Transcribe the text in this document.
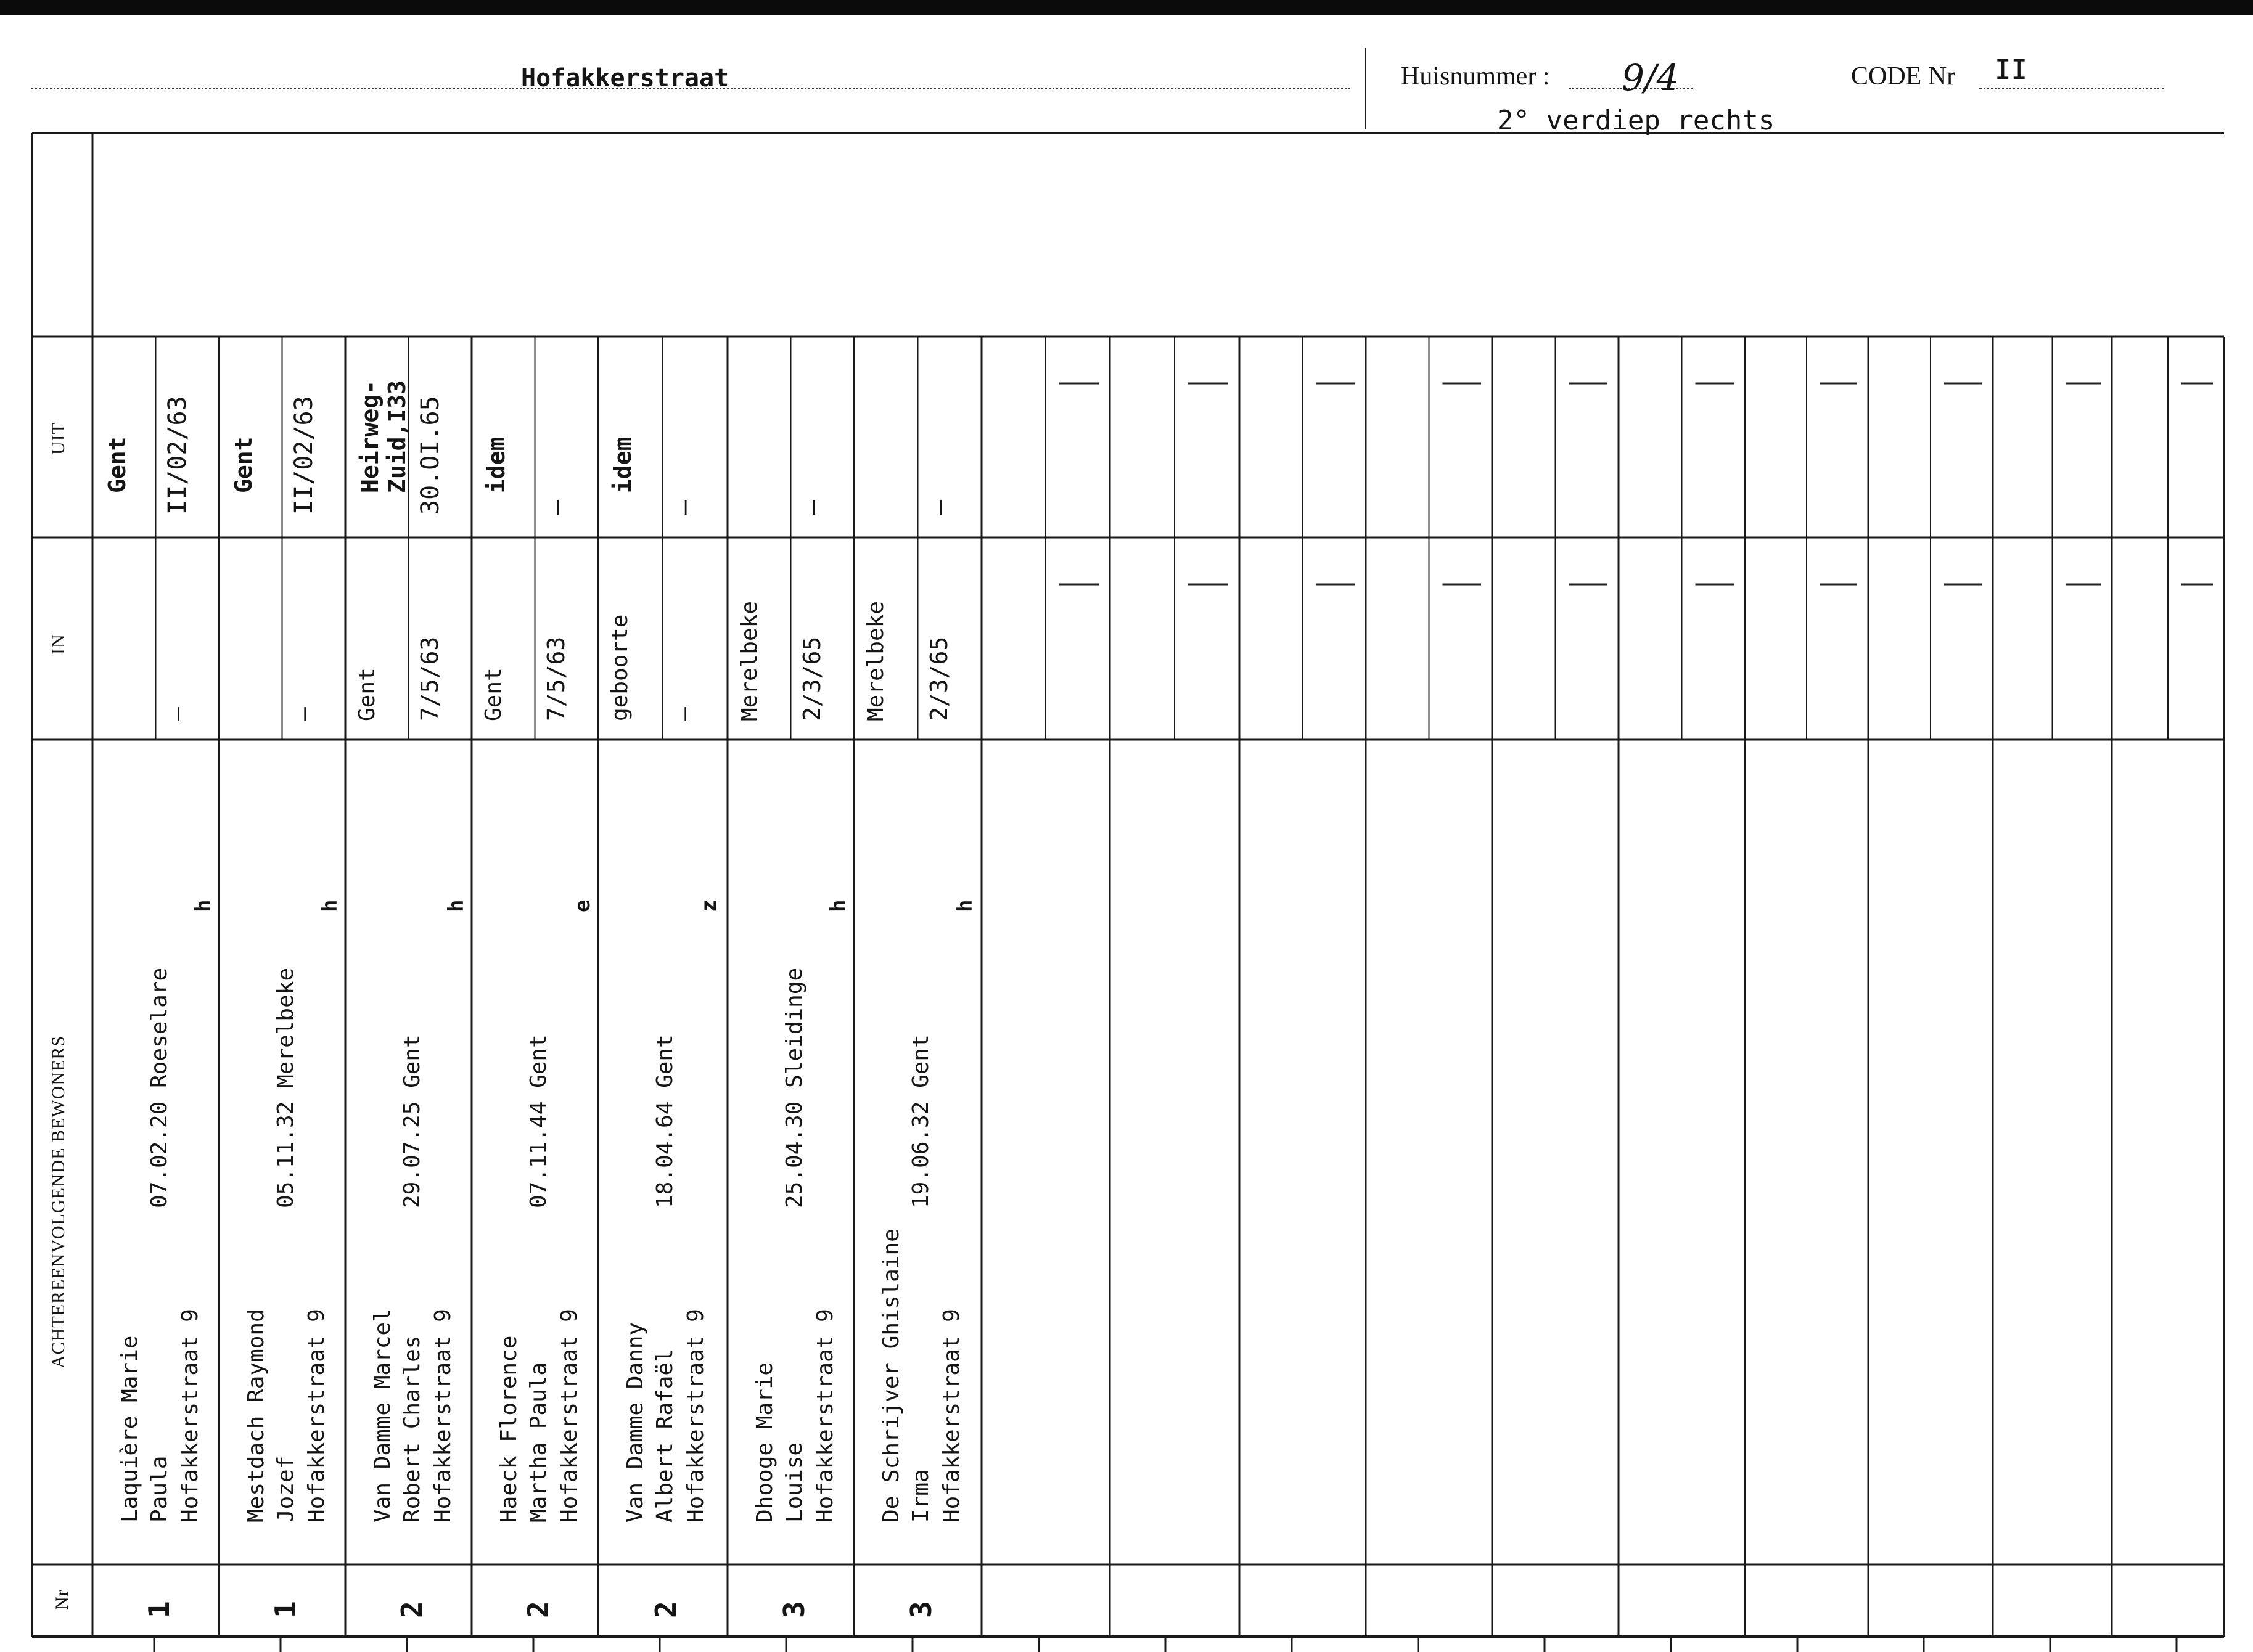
Hofakkerstraat	Huisnummer : 9/4	CODE Nr II
2° verdiep rechts
UIT
IN
ACHTEREENVOLGENDE BEWONERS
Nr 1
Laquière Marie Paula Hofakkerstraat 9
07.02.20 Roeselare
h
—
Gent II/02/63
1
Mestdach Raymond Jozef Hofakkerstraat 9
05.11.32 Merelbeke
h
—
Gent II/02/63
2
Van Damme Marcel Robert Charles Hofakkerstraat 9
29.07.25 Gent
h
Gent 7/5/63
Heirweg-
Zuid,I33 30.OI.65
2
Haeck Florence Martha Paula Hofakkerstraat 9
07.11.44 Gent
e
Gent 7/5/63
idem
—
2
Van Damme Danny Albert Rafaël Hofakkerstraat 9
18.04.64 Gent
z
geboorte —
idem
—
3
Dhooge Marie Louise Hofakkerstraat 9
25.04.30 Sleidinge
h
Merelbeke 2/3/65
—
3
De Schrijver Ghislaine Irma Hofakkerstraat 9
19.06.32 Gent
h
Merelbeke 2/3/65
—
